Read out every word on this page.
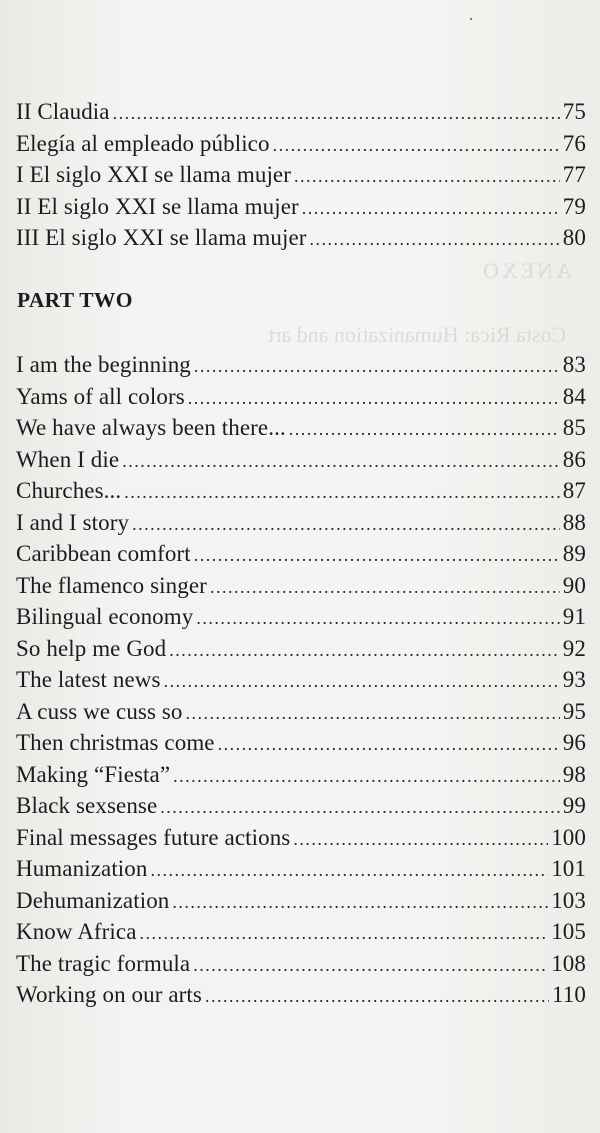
ANEXO
Costa Rica: Humanization and art
II Claudia . . .	75
Elegía al empleado público . . .	76
I El siglo XXI se llama mujer . . .	77
II El siglo XXI se llama mujer . . .	79
III El siglo XXI se llama mujer . . .	80
PART TWO
I am the beginning . . .	83
Yams of all colors . . .	84
We have always been there... . . .	85
When I die . . .	86
Churches... . . .	87
I and I story . . .	88
Caribbean comfort . . .	89
The flamenco singer . . .	90
Bilingual economy . . .	91
So help me God . . .	92
The latest news . . .	93
A cuss we cuss so . . .	95
Then christmas come . . .	96
Making “Fiesta” . . .	98
Black sexsense . . .	99
Final messages future actions . . .	100
Humanization . . .	101
Dehumanization . . .	103
Know Africa . . .	105
The tragic formula . . .	108
Working on our arts . . .	110
